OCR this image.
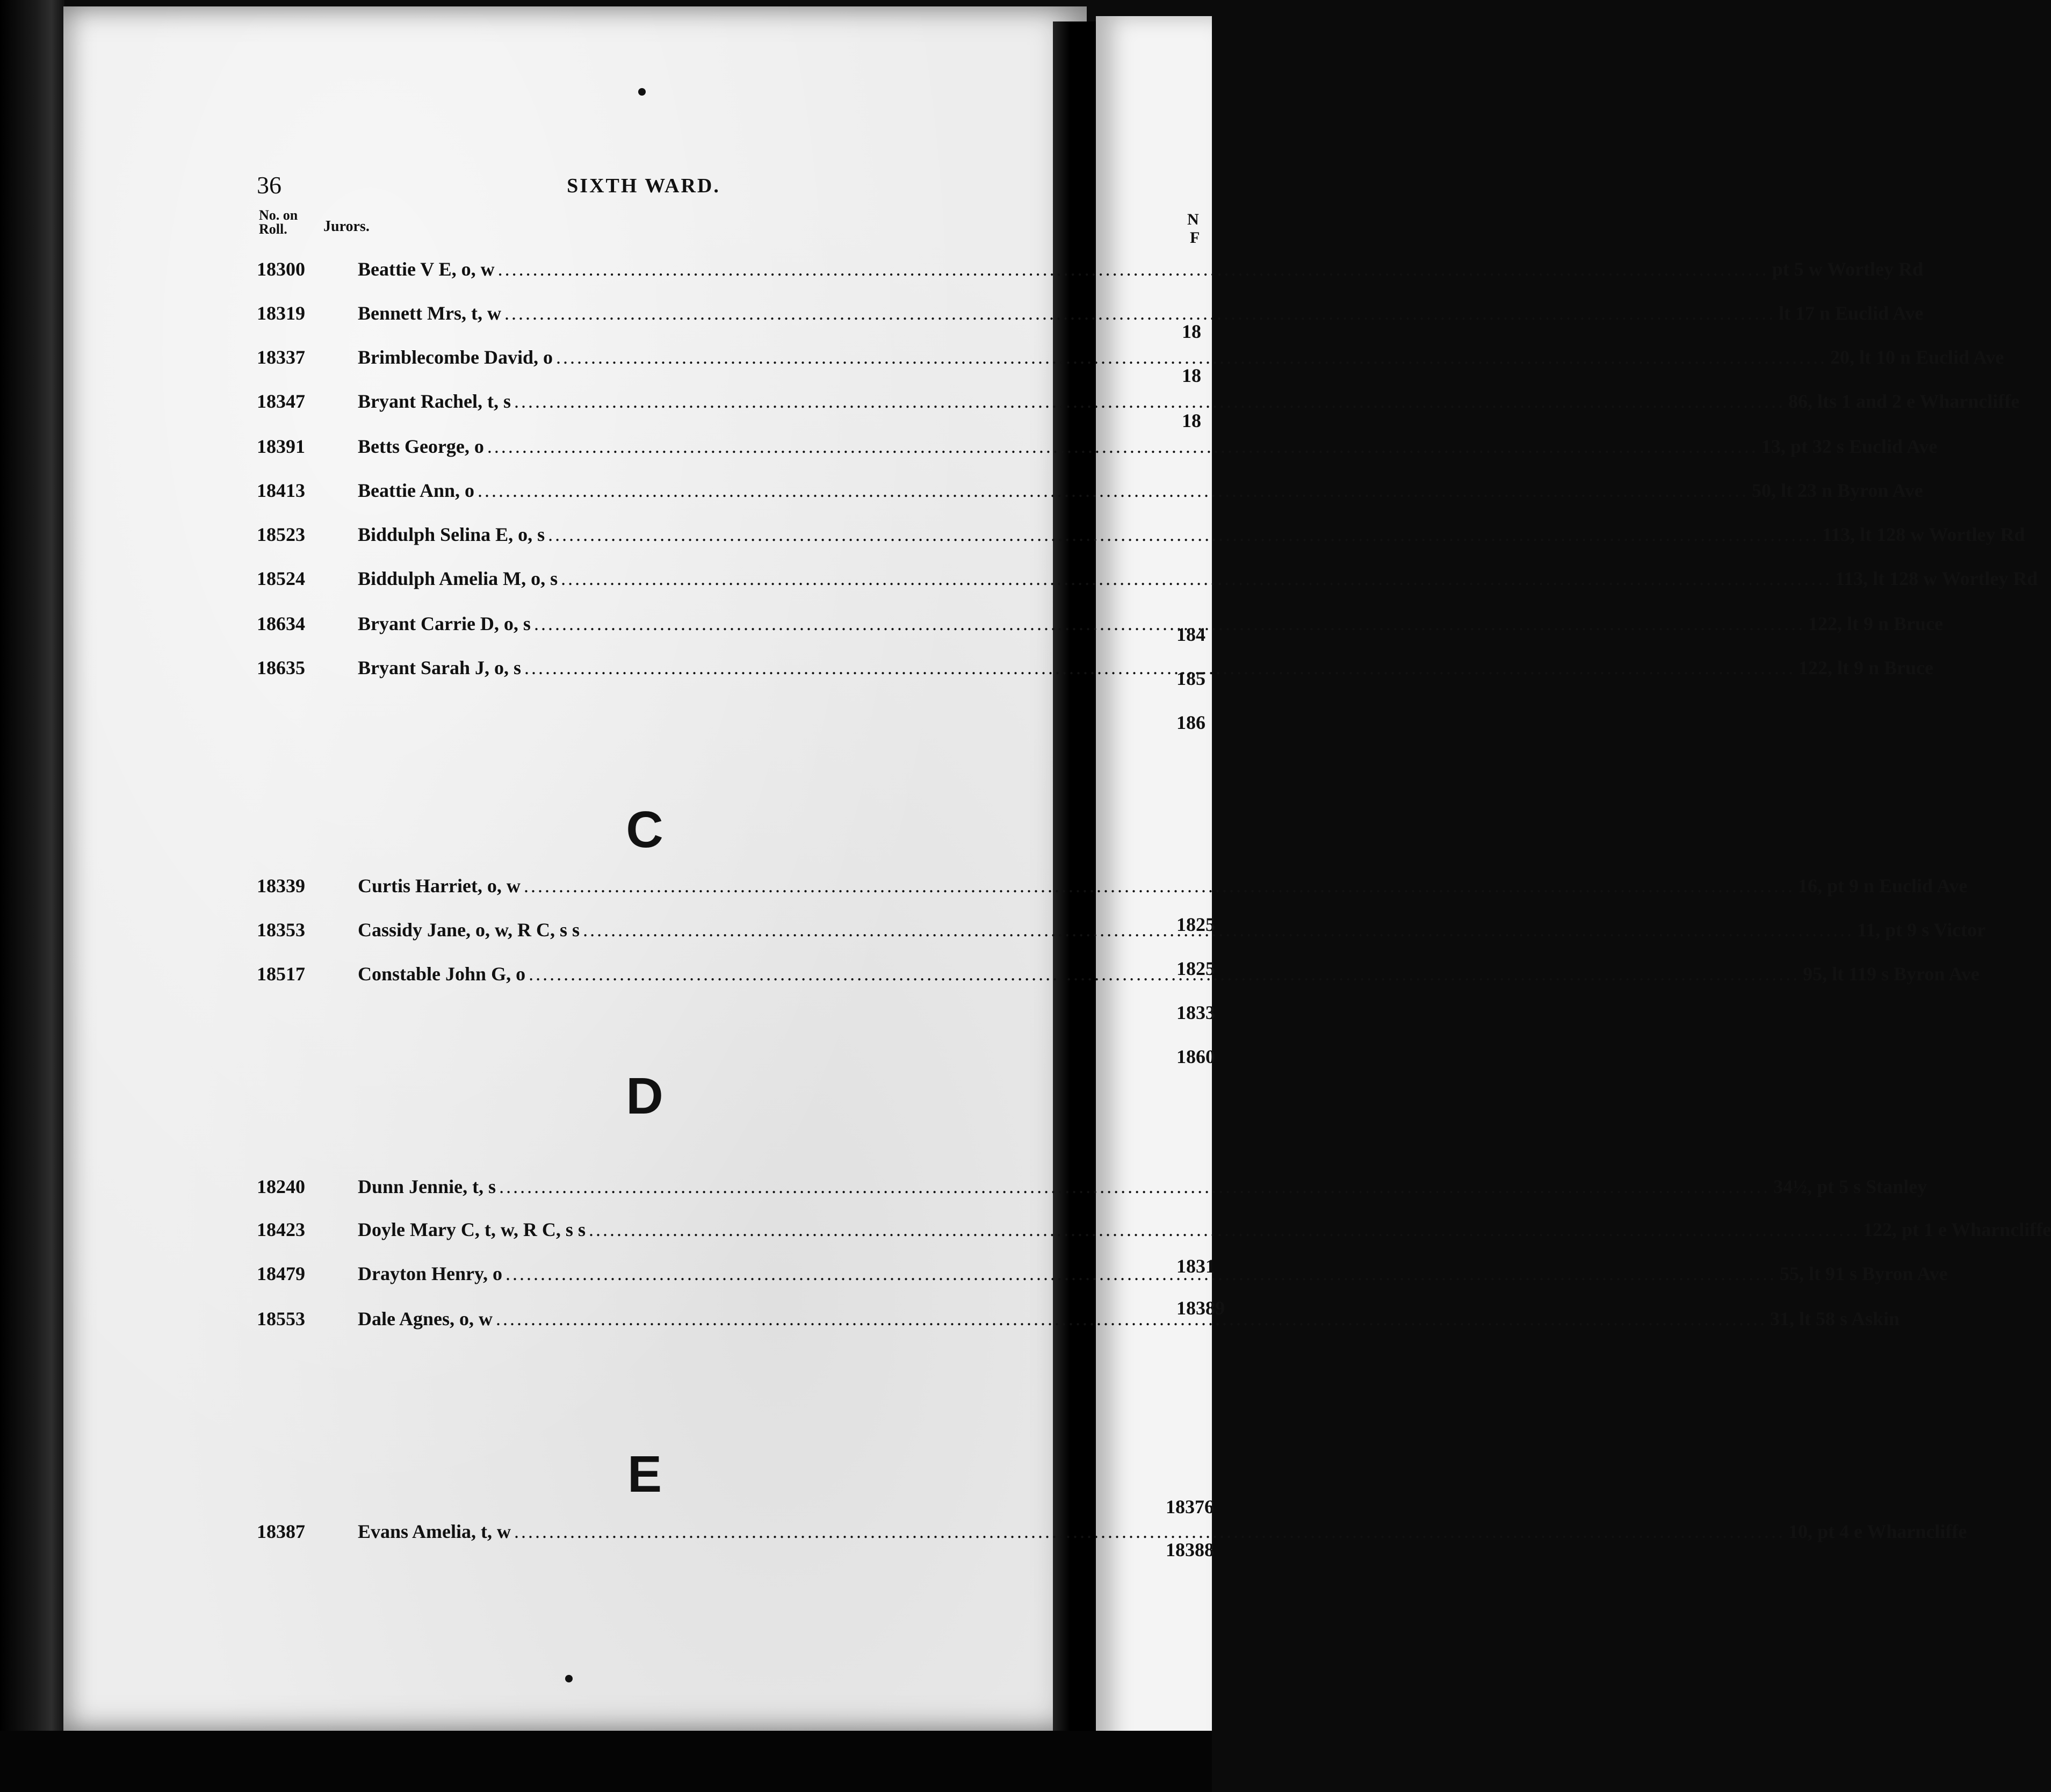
N
F
18
18
18
184
185
186
1825
1825
1833
1860
1831
18389
18376
18388
36	SIXTH WARD.
No. on Roll.	Jurors.
18300	Beattie V E, o, w .....	pt 5 w Wortley Rd
18319	Bennett Mrs, t, w .....	lt 17 n Euclid Ave
18337	Brimblecombe David, o .....	20, lt 10 n Euclid Ave
18347	Bryant Rachel, t, s .....	86, lts 1 and 2 e Wharncliffe
18391	Betts George, o .....	13, pt 32 s Euclid Ave
18413	Beattie Ann, o .....	50, lt 23 n Byron Ave
18523	Biddulph Selina E, o, s .....	113, lt 128 w Wortley Rd
18524	Biddulph Amelia M, o, s .....	113, lt 128 w Wortley Rd
18634	Bryant Carrie D, o, s .....	122, lt 9 n Bruce
18635	Bryant Sarah J, o, s .....	122, lt 9 n Bruce
C
18339	Curtis Harriet, o, w .....	16, pt 9 n Euclid Ave
18353	Cassidy Jane, o, w, R C, s s .....	11, pt 9 s Victor
18517	Constable John G, o .....	95, lt 119 s Byron Ave
D
18240	Dunn Jennie, t, s .....	34½, pt 5 s Stanley
18423	Doyle Mary C, t, w, R C, s s .....	122, pt 1 e Wharncliffe
18479	Drayton Henry, o .....	55, lt 91 s Byron Ave
18553	Dale Agnes, o, w .....	31, lt 58 s Askin
E
18387	Evans Amelia, t, w .....	10, pt 4 e Wharncliffe
